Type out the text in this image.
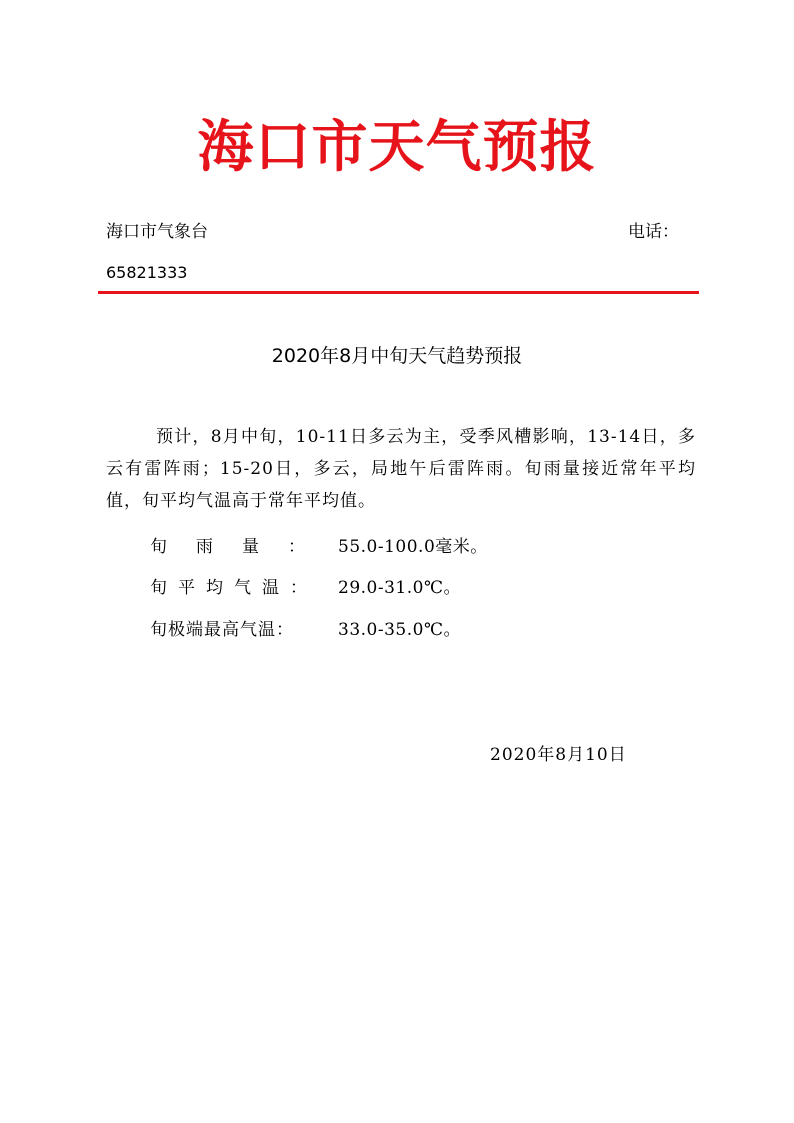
海口市天气预报
海口市气象台	电话：
65821333
2020年8月中旬天气趋势预报
预计，8月中旬，10-11日多云为主，受季风槽影响，13-14日，多云有雷阵雨；15-20日，多云，局地午后雷阵雨。旬雨量接近常年平均值，旬平均气温高于常年平均值。
旬雨量： 55.0-100.0毫米。
旬平均气温： 29.0-31.0℃。
旬极端最高气温：	33.0-35.0℃。
2020年8月10日
